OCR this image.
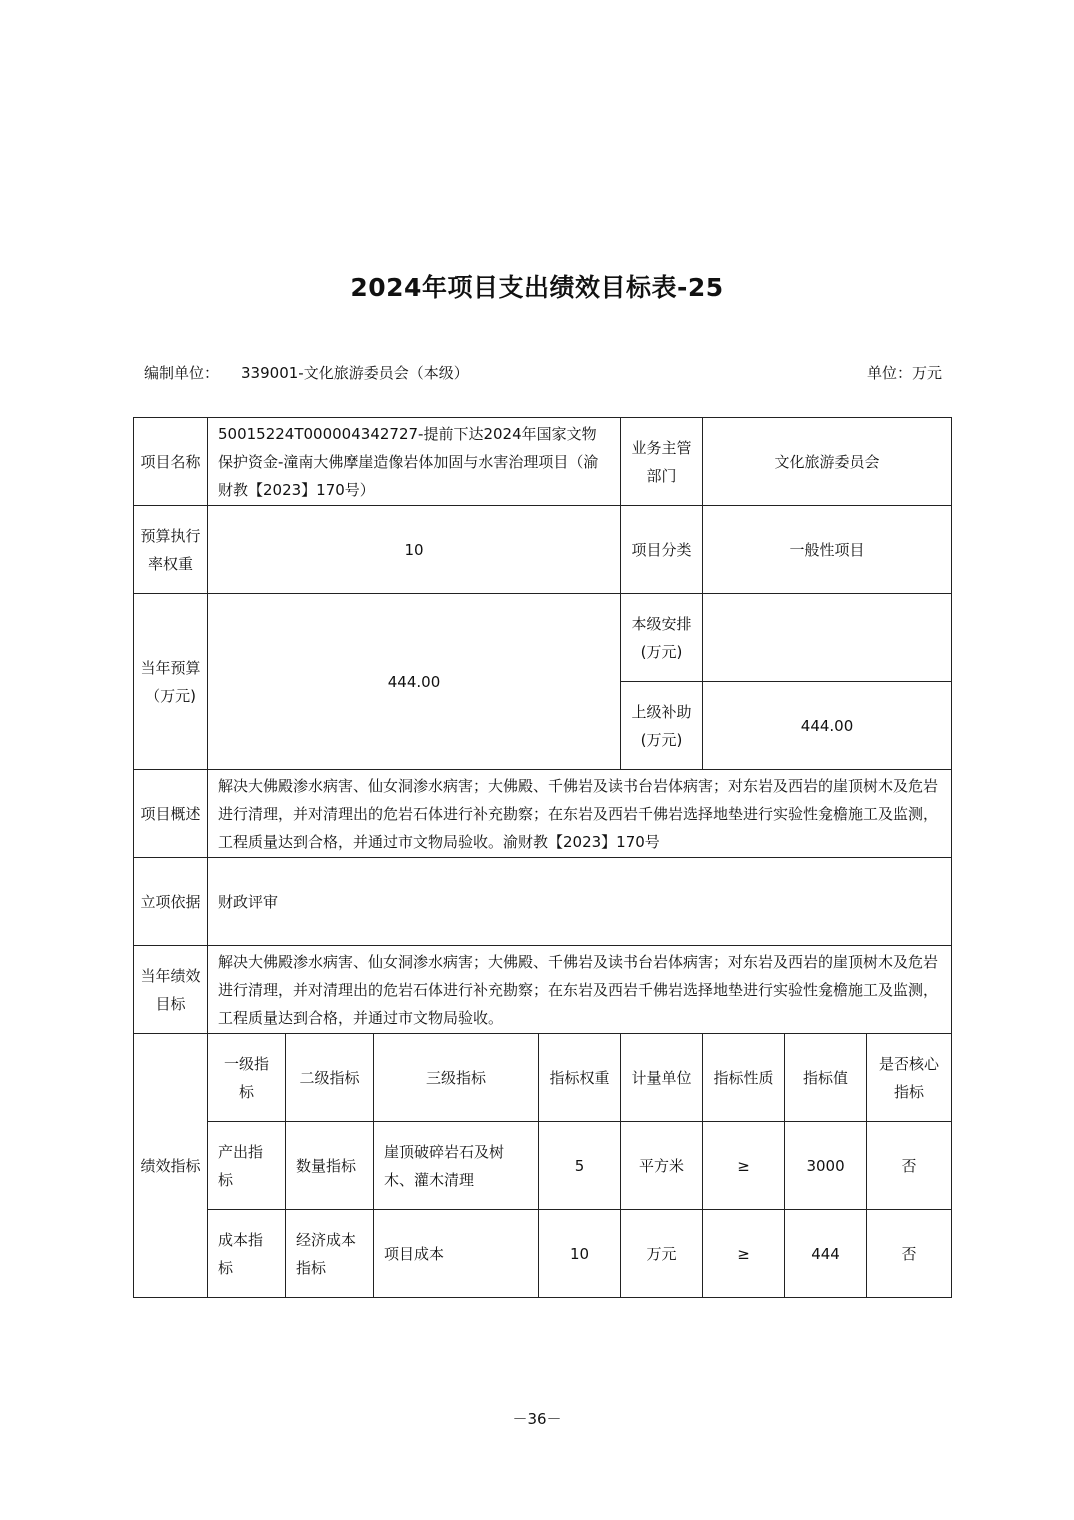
2024年项目支出绩效目标表-25
编制单位： 339001-文化旅游委员会（本级）	单位：万元
项目名称	50015224T000004342727-提前下达2024年国家文物保护资金-潼南大佛摩崖造像岩体加固与水害治理项目（渝财教【2023】170号）				业务主管部门	文化旅游委员会		
预算执行率权重	10				项目分类	一般性项目		
当年预算（万元)	444.00				本级安排(万元)			
					上级补助(万元)	444.00		
项目概述	解决大佛殿渗水病害、仙女洞渗水病害；大佛殿、千佛岩及读书台岩体病害；对东岩及西岩的崖顶树木及危岩进行清理，并对清理出的危岩石体进行补充勘察；在东岩及西岩千佛岩选择地垫进行实验性龛檐施工及监测，工程质量达到合格，并通过市文物局验收。渝财教【2023】170号							
立项依据	财政评审							
当年绩效目标	解决大佛殿渗水病害、仙女洞渗水病害；大佛殿、千佛岩及读书台岩体病害；对东岩及西岩的崖顶树木及危岩进行清理，并对清理出的危岩石体进行补充勘察；在东岩及西岩千佛岩选择地垫进行实验性龛檐施工及监测，工程质量达到合格，并通过市文物局验收。							
绩效指标	一级指标	二级指标	三级指标	指标权重	计量单位	指标性质	指标值	是否核心指标
	产出指标	数量指标	崖顶破碎岩石及树木、灌木清理	5	平方米	≥	3000	否
	成本指标	经济成本指标	项目成本	10	万元	≥	444	否
－36－
